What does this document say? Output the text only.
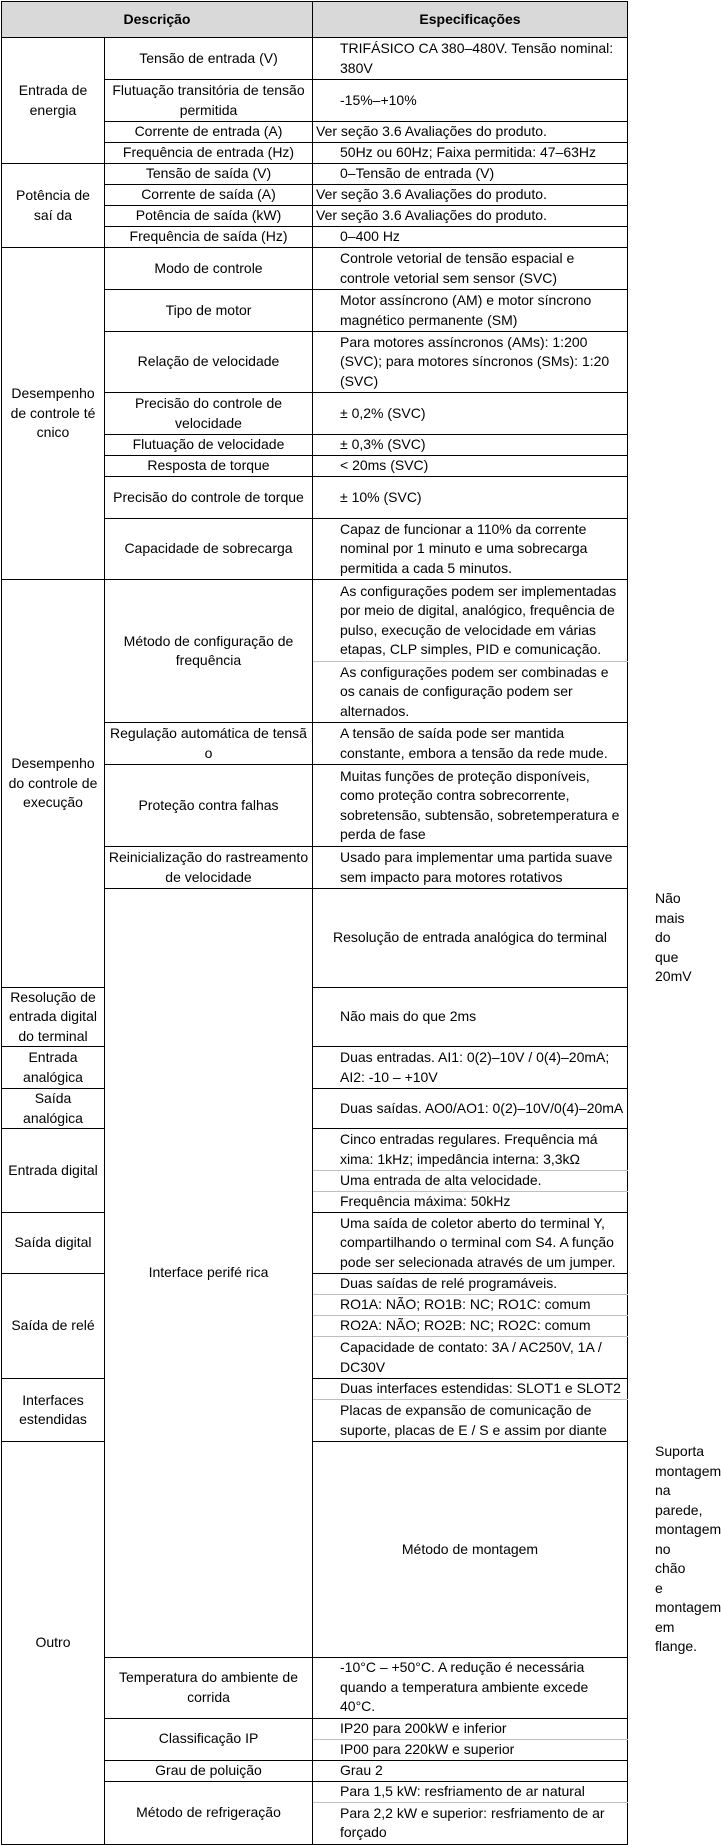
Descrição		Especificações	
Entrada de energia	Tensão de entrada (V)	TRIFÁSICO CA 380–480V. Tensão nominal: 380V	
	Flutuação transitória de tensão permitida	-15%–+10%	
	Corrente de entrada (A)	Ver seção 3.6 Avaliações do produto.	
	Frequência de entrada (Hz)	50Hz ou 60Hz; Faixa permitida: 47–63Hz	
Potência de saí da	Tensão de saída (V)	0–Tensão de entrada (V)	
	Corrente de saída (A)	Ver seção 3.6 Avaliações do produto.	
	Potência de saída (kW)	Ver seção 3.6 Avaliações do produto.	
	Frequência de saída (Hz)	0–400 Hz	
Desempenho de controle té cnico	Modo de controle	Controle vetorial de tensão espacial e controle vetorial sem sensor (SVC)	
	Tipo de motor	Motor assíncrono (AM) e motor síncrono magnético permanente (SM)	
	Relação de velocidade	Para motores assíncronos (AMs): 1:200 (SVC); para motores síncronos (SMs): 1:20 (SVC)	
	Precisão do controle de velocidade	± 0,2% (SVC)	
	Flutuação de velocidade	± 0,3% (SVC)	
	Resposta de torque	< 20ms (SVC)	
	Precisão do controle de torque	± 10% (SVC)	
	Capacidade de sobrecarga	Capaz de funcionar a 110% da corrente nominal por 1 minuto e uma sobrecarga permitida a cada 5 minutos.	
Desempenho do controle de execução	Método de configuração de frequência	As configurações podem ser implementadas por meio de digital, analógico, frequência de pulso, execução de velocidade em várias etapas, CLP simples, PID e comunicação.	
		As configurações podem ser combinadas e os canais de configuração podem ser alternados.	
	Regulação automática de tensã o	A tensão de saída pode ser mantida constante, embora a tensão da rede mude.	
	Proteção contra falhas	Muitas funções de proteção disponíveis, como proteção contra sobrecorrente, sobretensão, subtensão, sobretemperatura e perda de fase	
	Reinicialização do rastreamento de velocidade	Usado para implementar uma partida suave sem impacto para motores rotativos	
	Interface perifé rica	Resolução de entrada analógica do terminal	Não mais do que 20mV
Resolução de entrada digital do terminal		Não mais do que 2ms	
Entrada analógica		Duas entradas. AI1: 0(2)–10V / 0(4)–20mA; AI2: -10 – +10V	
Saída analógica		Duas saídas. AO0/AO1: 0(2)–10V/0(4)–20mA	
Entrada digital		Cinco entradas regulares. Frequência má xima: 1kHz; impedância interna: 3,3kΩ	
		Uma entrada de alta velocidade.	
		Frequência máxima: 50kHz	
Saída digital		Uma saída de coletor aberto do terminal Y, compartilhando o terminal com S4. A função pode ser selecionada através de um jumper.	
Saída de relé		Duas saídas de relé programáveis.	
		RO1A: NÃO; RO1B: NC; RO1C: comum	
		RO2A: NÃO; RO2B: NC; RO2C: comum	
		Capacidade de contato: 3A / AC250V, 1A / DC30V	
Interfaces estendidas		Duas interfaces estendidas: SLOT1 e SLOT2	
		Placas de expansão de comunicação de suporte, placas de E / S e assim por diante	
Outro		Método de montagem	Suporta montagem na parede, montagem no chão e montagem em flange.
	Temperatura do ambiente de corrida	-10°C – +50°C. A redução é necessária quando a temperatura ambiente excede 40°C.	
	Classificação IP	IP20 para 200kW e inferior	
		IP00 para 220kW e superior	
	Grau de poluição	Grau 2	
	Método de refrigeração	Para 1,5 kW: resfriamento de ar natural	
		Para 2,2 kW e superior: resfriamento de ar forçado	
